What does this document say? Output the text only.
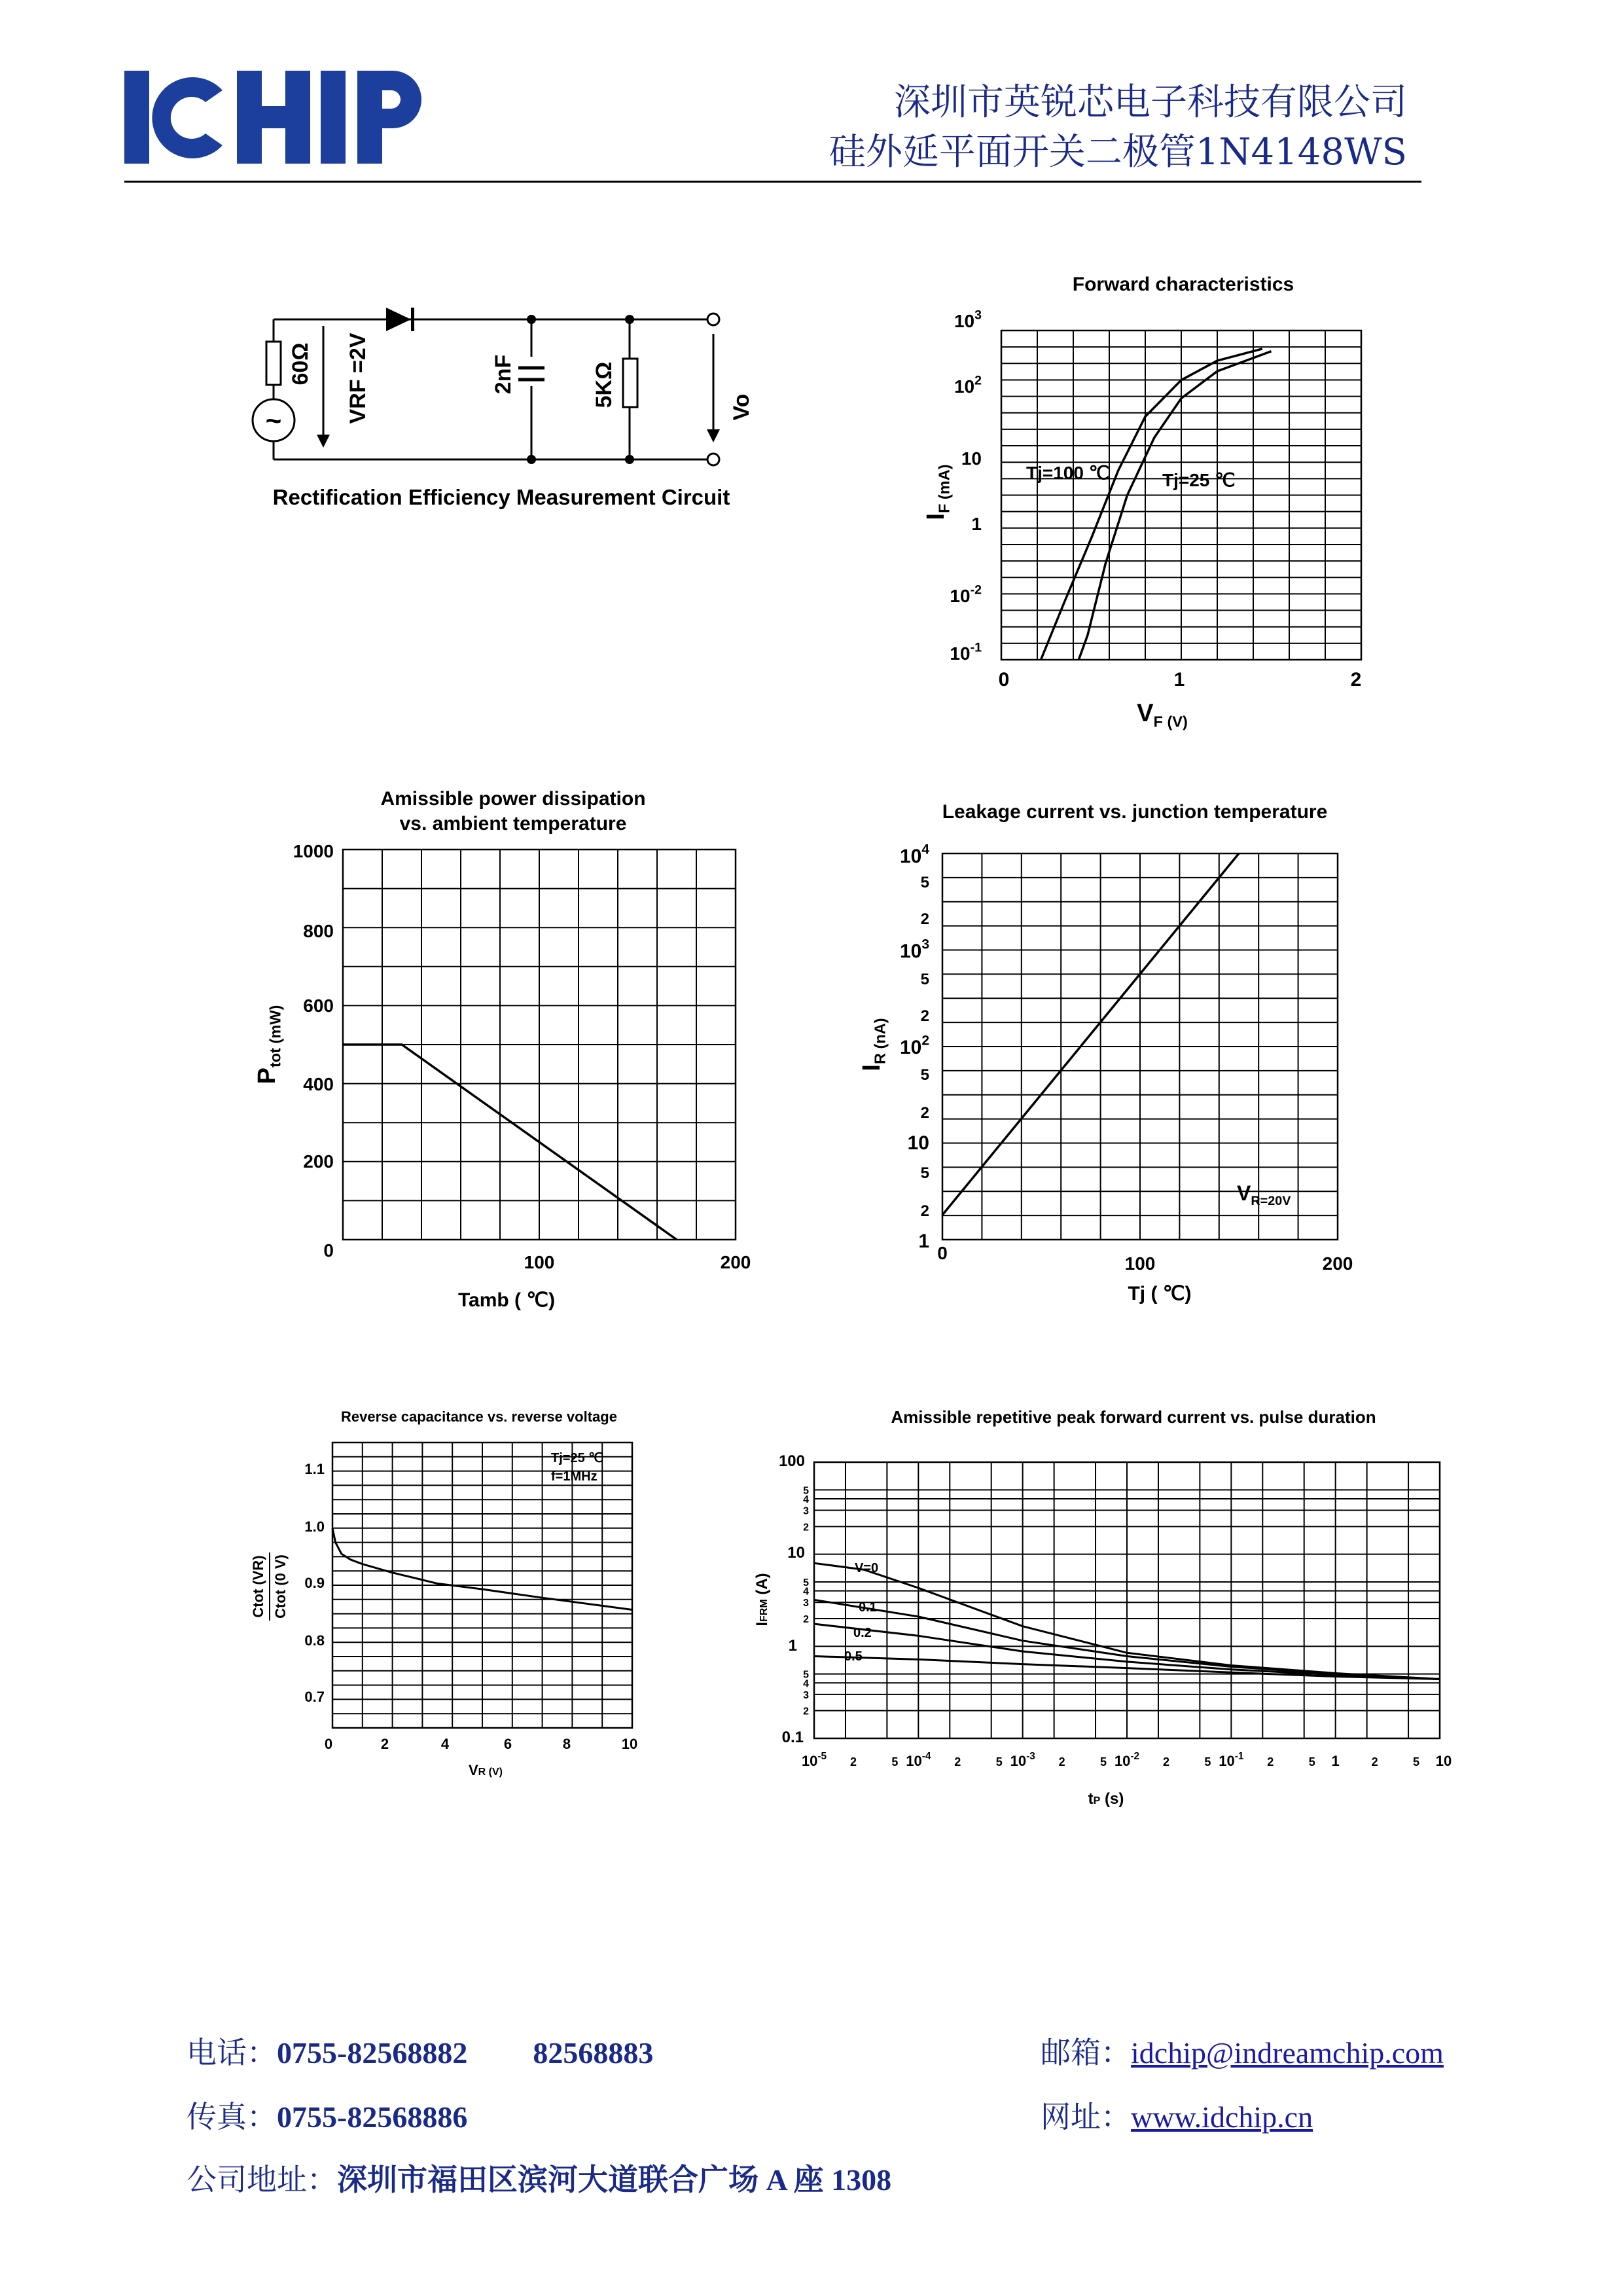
深圳市英锐芯电子科技有限公司
硅外延平面开关二极管1N4148WS
~
60Ω VRF =2V	2nF	5KΩ	Vo
Rectification Efficiency Measurement Circuit
Forward characteristics
0	1	2
$10^{-1}$
$10^{-2}$
1
10
$10^2$
$10^3$
$I_{F (mA)}$
$V_{F (V)}$
Tj=100 ℃	Tj=25 ℃
Amissible power dissipation
vs. ambient temperature
1000
800
600
400
200
0
100	200
$P_{tot (mW)}$
Tamb ( ℃)
Leakage current vs. junction temperature
$10^4$
$10^3$
$10^2$
10
1
5
2
5
2
5
2
5
2
0
100	200
$I_{R (nA)}$
Tj ( ℃)
$V_{R=20V}$
Reverse capacitance vs. reverse voltage
1.1
1.0
0.9
0.8
0.7
0	2	4	6	8	10
VR (V)
Ctot (VR) Ctot (0 V)
Tj=25 ℃
f=1MHz
Amissible repetitive peak forward current vs. pulse duration
100
10
1
0.1
5
4
3
2
5
4
3
2
5
4
3
2
$10^{-5}$ 2	5 $10^{-4}$ 2	5 $10^{-3}$ 2	5 $10^{-2}$ 2	5 $10^{-1}$ 2	5 1	2	5 10
tP (s)
IFRM (A)
V=0
0.1
0.2
0.5
电话：0755-82568882 82568883	邮箱：idchip@indreamchip.com
传真：0755-82568886	网址：www.idchip.cn
公司地址：深圳市福田区滨河大道联合广场 A 座 1308
